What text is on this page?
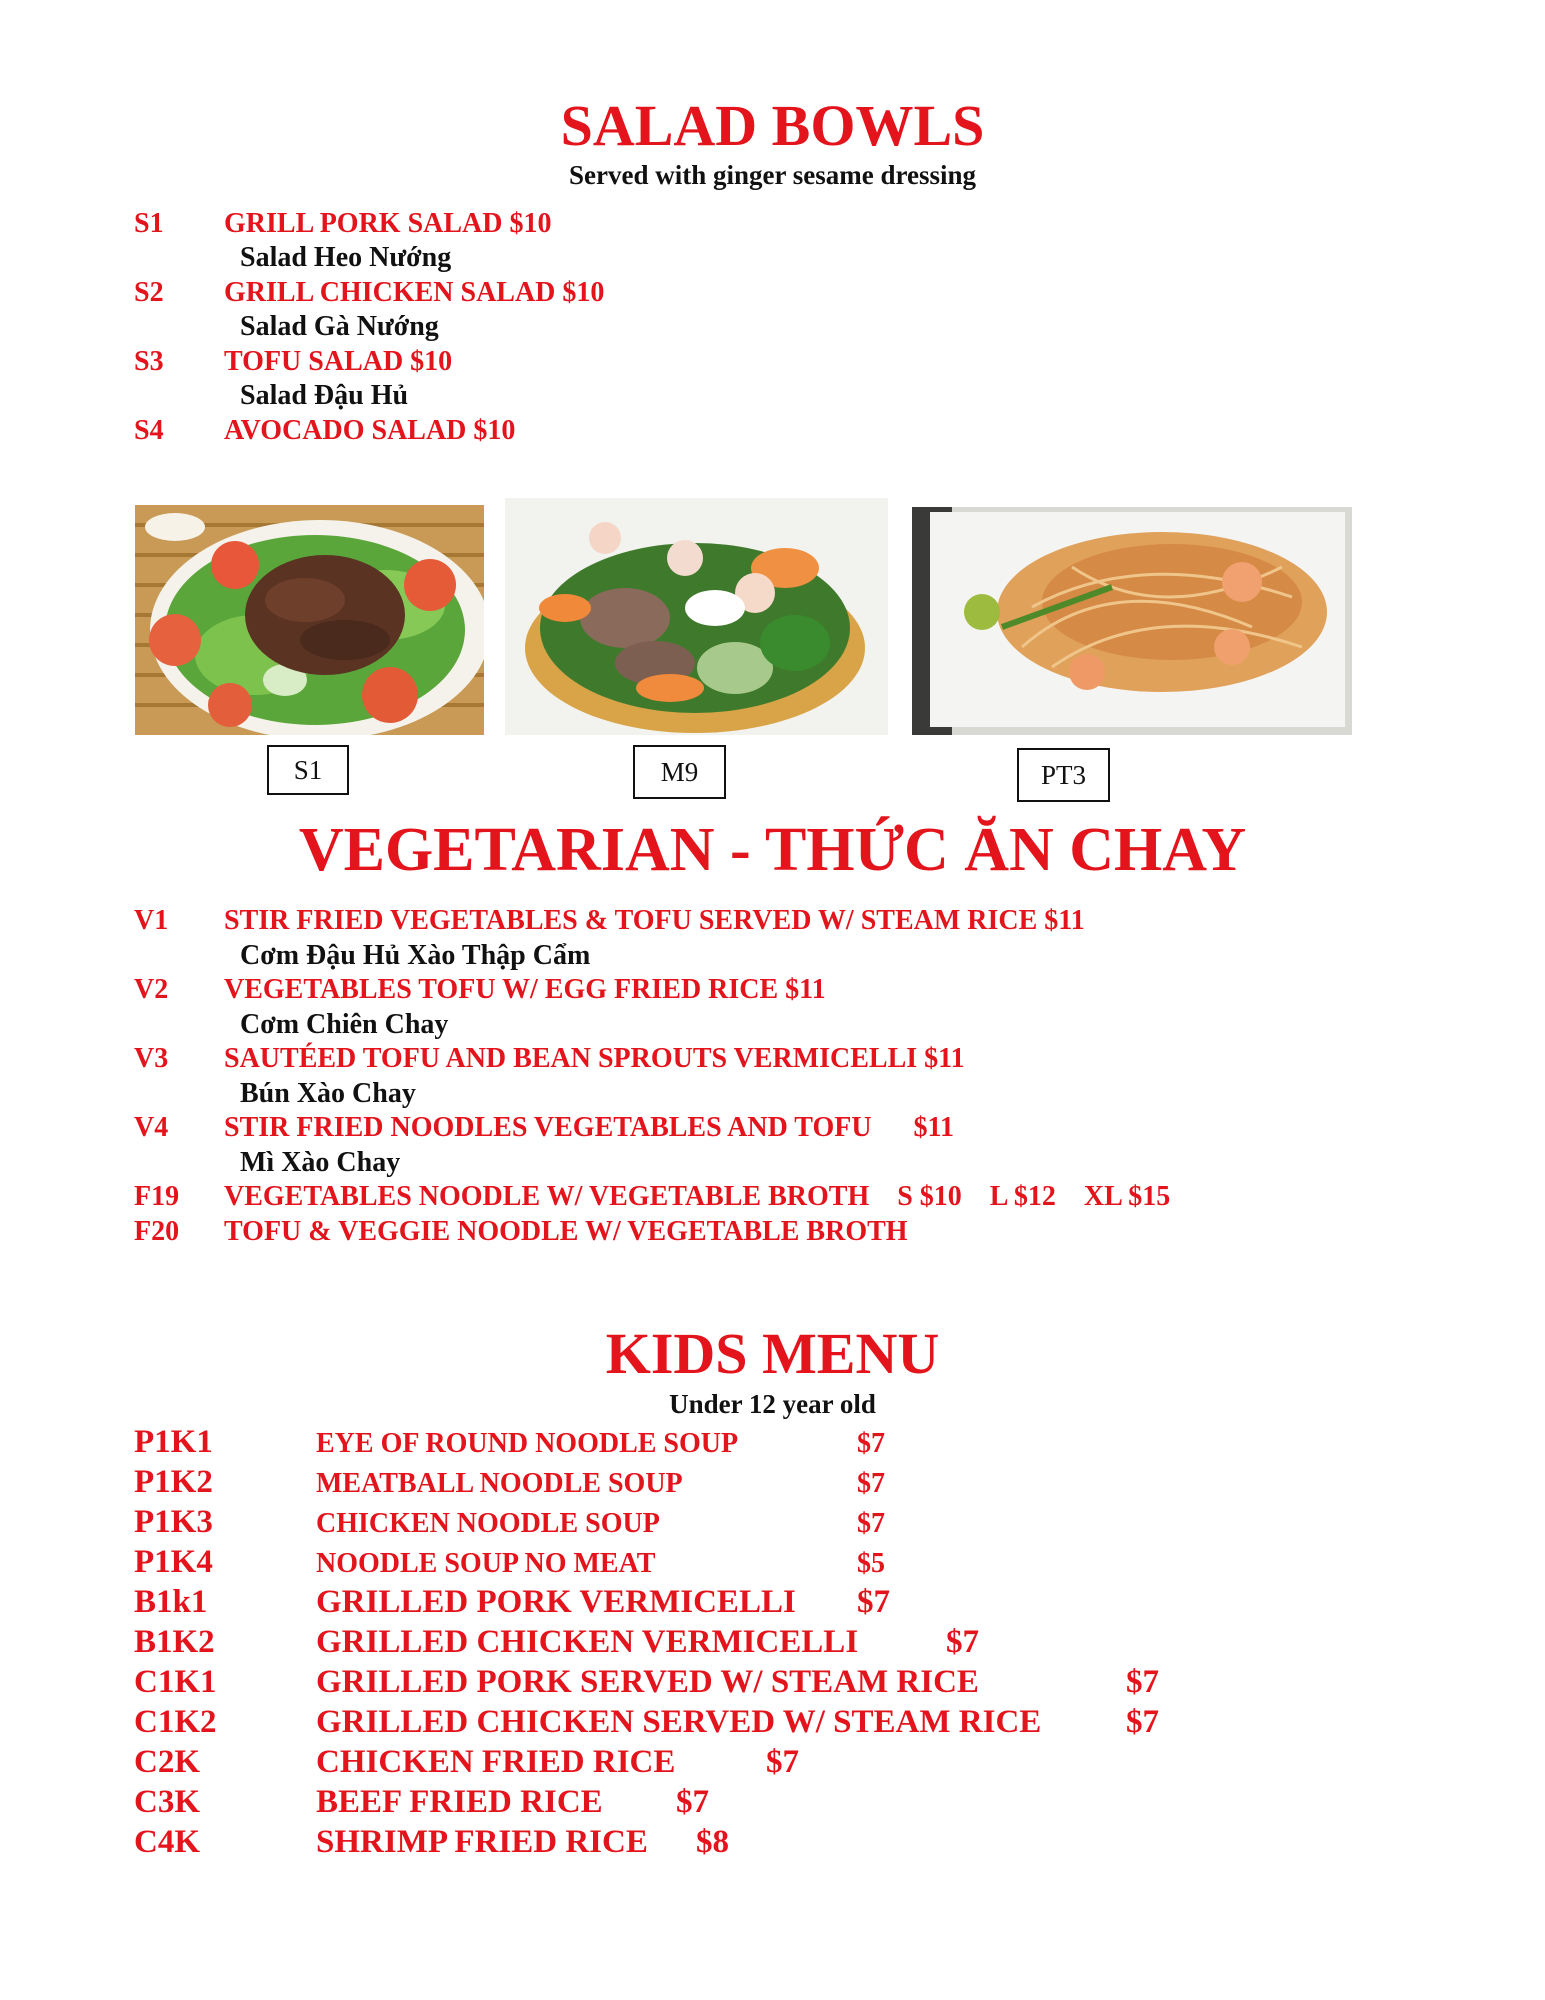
SALAD BOWLS
Served with ginger sesame dressing
S1 GRILL PORK SALAD $10
Salad Heo Nướng
S2 GRILL CHICKEN SALAD $10
Salad Gà Nướng
S3 TOFU SALAD $10
Salad Đậu Hủ
S4 AVOCADO SALAD $10
S1	M9	PT3
VEGETARIAN - THỨC ĂN CHAY
V1 STIR FRIED VEGETABLES & TOFU SERVED W/ STEAM RICE $11
Cơm Đậu Hủ Xào Thập Cẩm
V2 VEGETABLES TOFU W/ EGG FRIED RICE $11
Cơm Chiên Chay
V3 SAUTÉED TOFU AND BEAN SPROUTS VERMICELLI $11
Bún Xào Chay
V4 STIR FRIED NOODLES VEGETABLES AND TOFU      $11
Mì Xào Chay
F19 VEGETABLES NOODLE W/ VEGETABLE BROTH    S $10    L $12    XL $15
F20 TOFU & VEGGIE NOODLE W/ VEGETABLE BROTH
KIDS MENU
Under 12 year old
P1K1	EYE OF ROUND NOODLE SOUP	$7
P1K2	MEATBALL NOODLE SOUP	$7
P1K3	CHICKEN NOODLE SOUP	$7
P1K4	NOODLE SOUP NO MEAT	$5
B1k1	GRILLED PORK VERMICELLI $7
B1K2	GRILLED CHICKEN VERMICELLI	$7
C1K1	GRILLED PORK SERVED W/ STEAM RICE	$7
C1K2	GRILLED CHICKEN SERVED W/ STEAM RICE	$7
C2K	CHICKEN FRIED RICE	$7
C3K	BEEF FRIED RICE $7
C4K	SHRIMP FRIED RICE $8
